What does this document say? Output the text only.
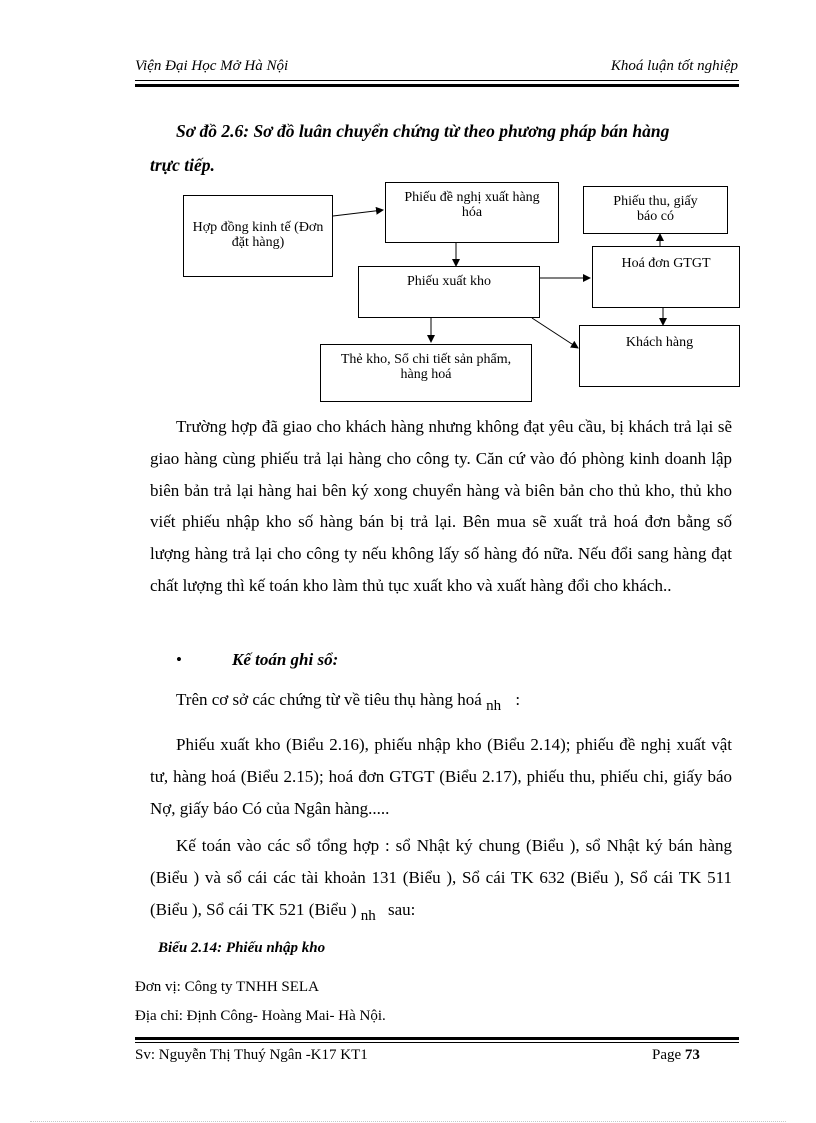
Viện Đại Học Mở Hà Nội	Khoá luận tốt nghiệp
Sơ đồ 2.6: Sơ đồ luân chuyển chứng từ theo phương pháp bán hàng
trực tiếp.
Hợp đồng kinh tế (Đơn đặt hàng)
Phiếu đề nghị xuất hàng hóa
Phiếu thu, giấy báo có
Phiếu xuất kho
Hoá đơn GTGT
Khách hàng
Thẻ kho, Sổ chi tiết sản phẩm, hàng hoá
Trường hợp đã giao cho khách hàng nhưng không đạt yêu cầu, bị khách trả lại sẽ giao hàng cùng phiếu trả lại hàng cho công ty. Căn cứ vào đó phòng kinh doanh lập biên bản trả lại hàng hai bên ký xong chuyển hàng và biên bản cho thủ kho, thủ kho viết phiếu nhập kho số hàng bán bị trả lại. Bên mua sẽ xuất trả hoá đơn bằng số lượng hàng trả lại cho công ty nếu không lấy số hàng đó nữa. Nếu đổi sang hàng đạt chất lượng thì kế toán kho làm thủ tục xuất kho và xuất hàng đổi cho khách..
•	Kế toán ghi sổ:
Trên cơ sở các chứng từ về tiêu thụ hàng hoá nh :
Phiếu xuất kho (Biểu 2.16), phiếu nhập kho (Biểu 2.14); phiếu đề nghị xuất vật tư, hàng hoá (Biểu 2.15); hoá đơn GTGT (Biểu 2.17), phiếu thu, phiếu chi, giấy báo Nợ, giấy báo Có của Ngân hàng.....
Kế toán vào các sổ tổng hợp : sổ Nhật ký chung (Biểu ), sổ Nhật ký bán hàng (Biểu ) và sổ cái các tài khoản 131 (Biểu ), Sổ cái TK 632 (Biểu ), Sổ cái TK 511 (Biểu ), Sổ cái TK 521 (Biểu ) nh sau:
Biểu 2.14: Phiếu nhập kho
Đơn vị: Công ty TNHH SELA
Địa chỉ: Định Công- Hoàng Mai- Hà Nội.
Sv: Nguyễn Thị Thuý Ngân -K17 KT1	Page 73
